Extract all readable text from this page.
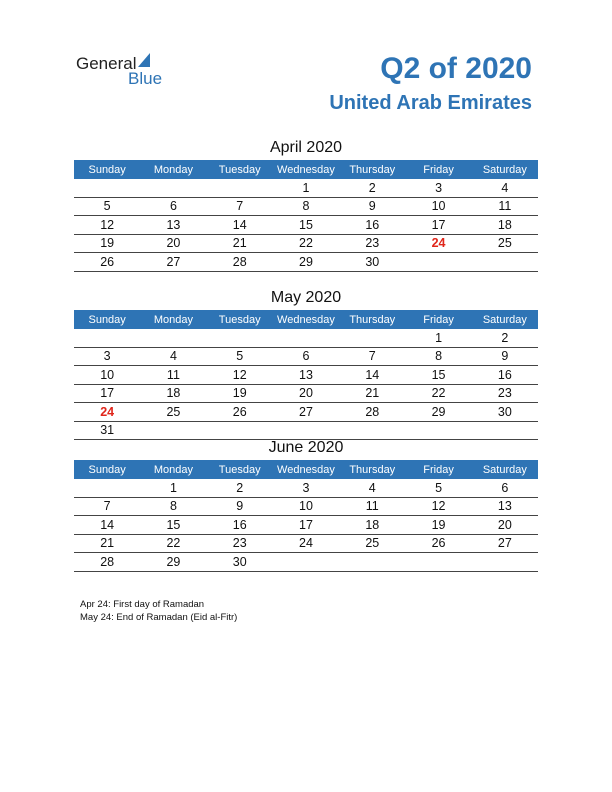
General
Blue	Q2 of 2020
United Arab Emirates
April 2020
Sunday	Monday	Tuesday	Wednesday	Thursday	Friday	Saturday
			1	2	3	4
5	6	7	8	9	10	11
12	13	14	15	16	17	18
19	20	21	22	23	24	25
26	27	28	29	30		
May 2020
Sunday	Monday	Tuesday	Wednesday	Thursday	Friday	Saturday
					1	2
3	4	5	6	7	8	9
10	11	12	13	14	15	16
17	18	19	20	21	22	23
24	25	26	27	28	29	30
31						
June 2020
Sunday	Monday	Tuesday	Wednesday	Thursday	Friday	Saturday
	1	2	3	4	5	6
7	8	9	10	11	12	13
14	15	16	17	18	19	20
21	22	23	24	25	26	27
28	29	30				
Apr 24: First day of Ramadan
May 24: End of Ramadan (Eid al-Fitr)
